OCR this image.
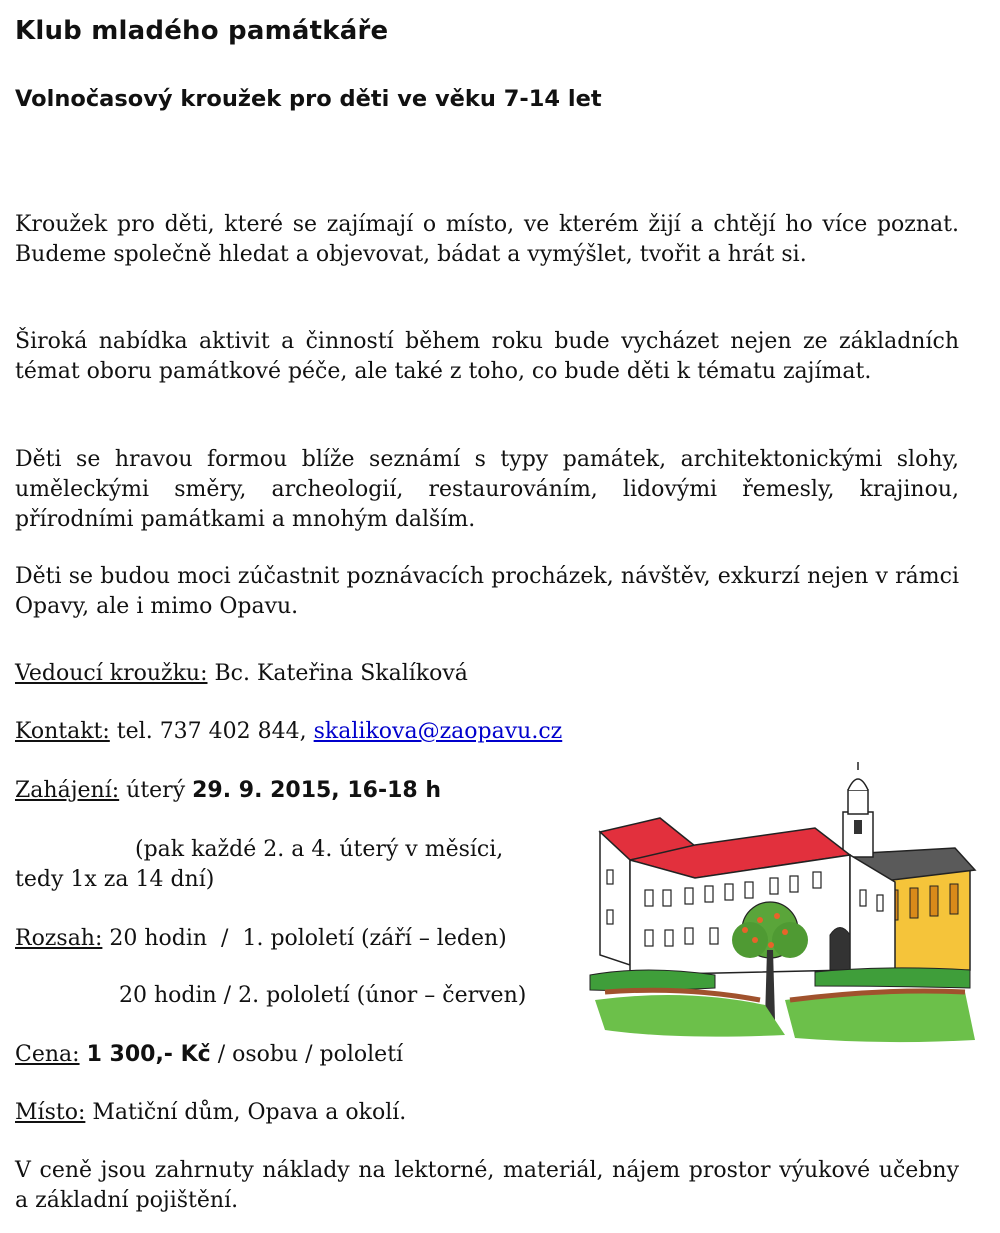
Klub mladého památkáře
Volnočasový kroužek pro děti ve věku 7-14 let

Kroužek pro děti, které se zajímají o místo, ve kterém žijí a chtějí ho více poznat. Budeme společně hledat a objevovat, bádat a vymýšlet, tvořit a hrát si.

Široká nabídka aktivit a činností během roku bude vycházet nejen ze základních témat oboru památkové péče, ale také z toho, co bude děti k tématu zajímat.

Děti se hravou formou blíže seznámí s typy památek, architektonickými slohy, uměleckými směry, archeologií, restaurováním, lidovými řemesly, krajinou, přírodními památkami a mnohým dalším.

Děti se budou moci zúčastnit poznávacích procházek, návštěv, exkurzí nejen v rámci Opavy, ale i mimo Opavu.

Vedoucí kroužku: Bc. Kateřina Skalíková

Kontakt: tel. 737 402 844, skalikova@zaopavu.cz

Zahájení: úterý 29. 9. 2015, 16-18 h

(pak každé 2. a 4. úterý v měsíci,

tedy 1x za 14 dní)

Rozsah: 20 hodin  /  1. pololetí (září – leden)

20 hodin / 2. pololetí (únor – červen)

Cena: 1 300,- Kč / osobu / pololetí

Místo: Matiční dům, Opava a okolí.

V ceně jsou zahrnuty náklady na lektorné, materiál, nájem prostor výukové učebny a základní pojištění.
